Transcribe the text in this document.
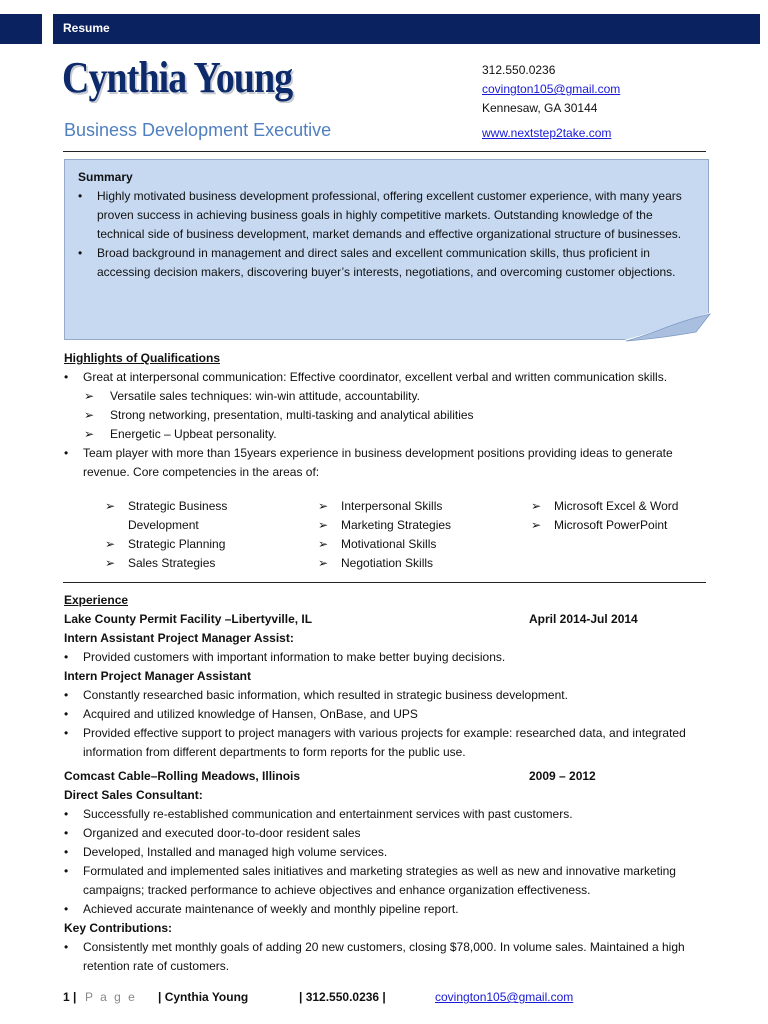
Resume
Cynthia Young
Business Development Executive
312.550.0236
covington105@gmail.com
Kennesaw, GA 30144
www.nextstep2take.com
Summary
•	Highly motivated business development professional, offering excellent customer experience, with many years proven success in achieving business goals in highly competitive markets. Outstanding knowledge of the technical side of business development, market demands and effective organizational structure of businesses.
•	Broad background in management and direct sales and excellent communication skills, thus proficient in accessing decision makers, discovering buyer’s interests, negotiations, and overcoming customer objections.
Highlights of Qualifications
•	Great at interpersonal communication: Effective coordinator, excellent verbal and written communication skills.
➢	Versatile sales techniques: win-win attitude, accountability.
➢	Strong networking, presentation, multi-tasking and analytical abilities
➢	Energetic – Upbeat personality.
•	Team player with more than 15years experience in business development positions providing ideas to generate revenue. Core competencies in the areas of:
➢ Strategic Business Development
➢ Strategic Planning
➢ Sales Strategies
➢ Interpersonal Skills
➢ Marketing Strategies
➢ Motivational Skills
➢ Negotiation Skills
➢ Microsoft Excel & Word
➢ Microsoft PowerPoint
Experience
Lake County Permit Facility –Libertyville, IL	April 2014-Jul 2014
Intern Assistant Project Manager Assist:
•	Provided customers with important information to make better buying decisions.
Intern Project Manager Assistant
•	Constantly researched basic information, which resulted in strategic business development.
•	Acquired and utilized knowledge of Hansen, OnBase, and UPS
•	Provided effective support to project managers with various projects for example: researched data, and integrated information from different departments to form reports for the public use.
Comcast Cable–Rolling Meadows, Illinois	2009 – 2012
Direct Sales Consultant:
•	Successfully re-established communication and entertainment services with past customers.
•	Organized and executed door-to-door resident sales
•	Developed, Installed and managed high volume services.
•	Formulated and implemented sales initiatives and marketing strategies as well as new and innovative marketing campaigns; tracked performance to achieve objectives and enhance organization effectiveness.
•	Achieved accurate maintenance of weekly and monthly pipeline report.
Key Contributions:
•	Consistently met monthly goals of adding 20 new customers, closing $78,000. In volume sales. Maintained a high retention rate of customers.
1 | P a g e | Cynthia Young	| 312.550.0236 |	covington105@gmail.com
